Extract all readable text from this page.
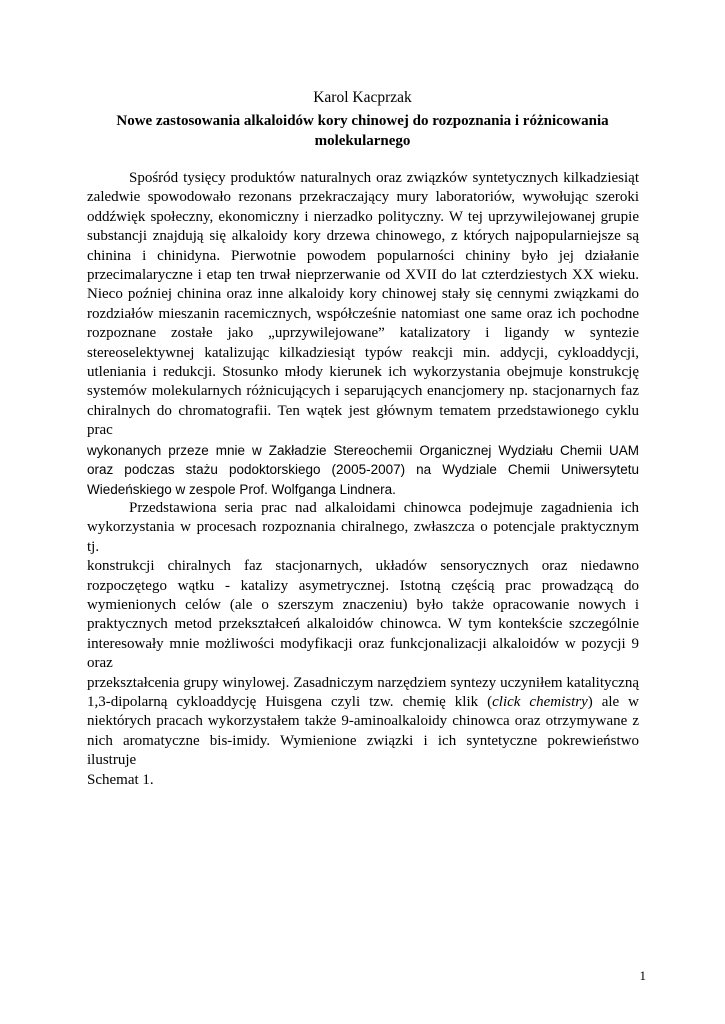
Karol Kacprzak
Nowe zastosowania alkaloidów kory chinowej do rozpoznania i różnicowania molekularnego

Spośród tysięcy produktów naturalnych oraz związków syntetycznych kilkadziesiąt
zaledwie spowodowało rezonans przekraczający mury laboratoriów, wywołując szeroki
oddźwięk społeczny, ekonomiczny i nierzadko polityczny. W tej uprzywilejowanej grupie
substancji znajdują się alkaloidy kory drzewa chinowego, z których najpopularniejsze są
chinina i chinidyna. Pierwotnie powodem popularności chininy było jej działanie
przecimalaryczne i etap ten trwał nieprzerwanie od XVII do lat czterdziestych XX wieku.
Nieco poźniej chinina oraz inne alkaloidy kory chinowej stały się cennymi związkami do
rozdziałów mieszanin racemicznych, współcześnie natomiast one same oraz ich pochodne
rozpoznane zostałe jako „uprzywilejowane” katalizatory i ligandy w syntezie
stereoselektywnej katalizując kilkadziesiąt typów reakcji min. addycji, cykloaddycji,
utleniania i redukcji. Stosunko młody kierunek ich wykorzystania obejmuje konstrukcję
systemów molekularnych różnicujących i separujących enancjomery np. stacjonarnych faz
chiralnych do chromatografii. Ten wątek jest głównym tematem przedstawionego cyklu prac
wykonanych przeze mnie w Zakładzie Stereochemii Organicznej Wydziału Chemii UAM
oraz podczas stażu podoktorskiego (2005-2007) na Wydziale Chemii Uniwersytetu
Wiedeńskiego w zespole Prof. Wolfganga Lindnera.

Przedstawiona seria prac nad alkaloidami chinowca podejmuje zagadnienia ich
wykorzystania w procesach rozpoznania chiralnego, zwłaszcza o potencjale praktycznym tj.
konstrukcji chiralnych faz stacjonarnych, układów sensorycznych oraz niedawno
rozpoczętego wątku - katalizy asymetrycznej. Istotną częścią prac prowadzącą do
wymienionych celów (ale o szerszym znaczeniu) było także opracowanie nowych i
praktycznych metod przekształceń alkaloidów chinowca. W tym kontekście szczególnie
interesowały mnie możliwości modyfikacji oraz funkcjonalizacji alkaloidów w pozycji 9 oraz
przekształcenia grupy winylowej. Zasadniczym narzędziem syntezy uczyniłem katalityczną
1,3-dipolarną cykloaddycję Huisgena czyli tzw. chemię klik (click chemistry) ale w
niektórych pracach wykorzystałem także 9-aminoalkaloidy chinowca oraz otrzymywane z
nich aromatyczne bis-imidy. Wymienione związki i ich syntetyczne pokrewieństwo ilustruje
Schemat 1.

1
